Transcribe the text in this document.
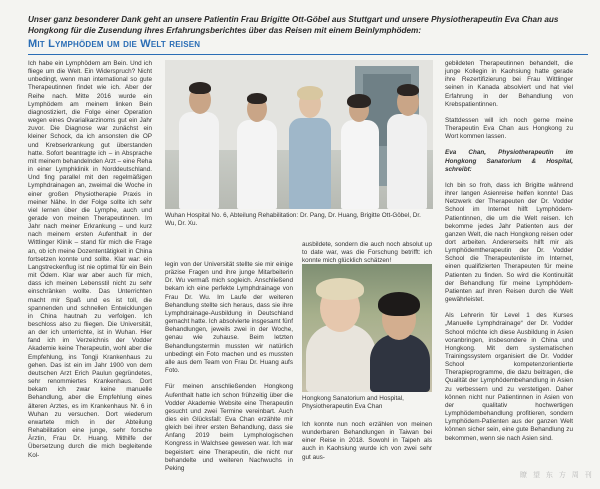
Unser ganz besonderer Dank geht an unsere Patientin Frau Brigitte Ott-Göbel aus Stuttgart und unsere Physiotherapeutin Eva Chan aus Hongkong für die Zusendung ihres Erfahrungsberichtes über das Reisen mit einem Beinlymphödem:
Mit Lymphödem um die Welt reisen

Ich habe ein Lymphödem am Bein. Und ich fliege um die Welt. Ein Widerspruch? Nicht unbedingt, wenn man international so gute Therapeutinnen findet wie ich. Aber der Reihe nach. Mitte 2016 wurde ein Lymphödem am meinem linken Bein diagnostiziert, die Folge einer Operation wegen eines Ovarialkarzinoms gut ein Jahr zuvor. Die Diagnose war zunächst ein kleiner Schock, da ich ansonsten die OP und Krebserkrankung gut überstanden hatte. Sofort beantragte ich – in Absprache mit meinem behandelnden Arzt – eine Reha in einer Lymphklinik in Norddeutschland. Und fing parallel mit den regelmäßigen Lymphdrainagen an, zweimal die Woche in einer großen Physiotherapie Praxis in meiner Nähe. In der Folge sollte ich sehr viel lernen über die Lymphe, auch und gerade von meinen Therapeutinnen. Im Jahr nach meiner Erkrankung – und kurz nach meinem ersten Aufenthalt in der Wittlinger Klinik – stand für mich die Frage an, ob ich meine Dozententätigkeit in China fortsetzen konnte und sollte. Klar war: ein Langstreckenflug ist nie optimal für ein Bein mit Ödem. Klar war aber auch für mich, dass ich meinen Lebensstil nicht zu sehr einschränken wollte. Das Unterrichten macht mir Spaß und es ist toll, die spannenden und schnellen Entwicklungen in China hautnah zu verfolgen. Ich beschloss also zu fliegen. Die Universität, an der ich unterrichte, ist in Wuhan. Hier fand ich im Verzeichnis der Vodder Akademie keine Therapeutin, wohl aber die Empfehlung, ins Tongji Krankenhaus zu gehen. Das ist ein im Jahr 1900 von dem deutschen Arzt Erich Paulun gegründetes, sehr renommiertes Krankenhaus. Dort bekam ich zwar keine manuelle Behandlung, aber die Empfehlung eines älteren Arztes, es im Krankenhaus Nr. 6 in Wuhan zu versuchen. Dort wiederum erwartete mich in der Abteilung Rehabilitation eine junge, sehr forsche Ärztin, Frau Dr. Huang. Mithilfe der Übersetzung durch die mich begleitende Kol-

Wuhan Hospital No. 6, Abteilung Rehabilitation: Dr. Pang, Dr. Huang, Brigitte Ott-Göbel, Dr. Wu, Dr. Xu.

legin von der Universität stellte sie mir einige präzise Fragen und ihre junge Mitarbeiterin Dr. Wu vermaß mich sogleich. Anschließend bekam ich eine perfekte Lymphdrainage von Frau Dr. Wu. Im Laufe der weiteren Behandlung stellte sich heraus, dass sie ihre Lymphdrainage-Ausbildung in Deutschland gemacht hatte. Ich absolvierte insgesamt fünf Behandlungen, jeweils zwei in der Woche, genau wie zuhause. Beim letzten Behandlungstermin mussten wir natürlich unbedingt ein Foto machen und es mussten alle aus dem Team von Frau Dr. Huang aufs Foto.

Für meinen anschließenden Hongkong Aufenthalt hatte ich schon frühzeitig über die Vodder Akademie Website eine Therapeutin gesucht und zwei Termine vereinbart. Auch dies ein Glücksfall: Eva Chan erzählte mir gleich bei ihrer ersten Behandlung, dass sie Anfang 2019 beim Lymphologischen Kongress in Walchsee gewesen war. Ich war begeistert: eine Therapeutin, die nicht nur behandelte und weiteren Nachwuchs in Peking

ausbildete, sondern die auch noch absolut up to date war, was die Forschung betrifft: ich konnte mich glücklich schätzen!

Hongkong Sanatorium and Hospital, Physiotherapeutin Eva Chan

Ich konnte nun noch erzählen von meinen wunderbaren Behandlungen in Taiwan bei einer Reise in 2018. Sowohl in Taipeh als auch in Kaohsiung wurde ich von zwei sehr gut aus-

gebildeten Therapeutinnen behandelt, die junge Kollegin in Kaohsiung hatte gerade ihre Rezertifizierung bei Frau Wittlinger seinen in Kanada absolviert und hat viel Erfahrung in der Behandlung von Krebspatientinnen.

Stattdessen will ich noch gerne meine Therapeutin Eva Chan aus Hongkong zu Wort kommen lassen.

Eva Chan, Physiotherapeutin im Hongkong Sanatorium & Hospital, schreibt:

Ich bin so froh, dass ich Brigitte während ihrer langen Asienreise helfen konnte! Das Netzwerk der Therapeuten der Dr. Vodder School im Internet hilft Lymphödem-Patientinnen, die um die Welt reisen. Ich bekomme jedes Jahr Patienten aus der ganzen Welt, die nach Hongkong reisen oder dort arbeiten. Andererseits hilft mir als Lymphödemtherapeutin der Dr. Vodder School die Therapeutenliste im Internet, einen qualifizierten Therapeuten für meine Patienten zu finden. So wird die Kontinuität der Behandlung für meine Lymphödem-Patienten auf ihren Reisen durch die Welt gewährleistet.

Als Lehrerin für Level 1 des Kurses „Manuelle Lymphdrainage“ der Dr. Vodder School möchte ich diese Ausbildung in Asien voranbringen, insbesondere in China und Hongkong. Mit dem systematischen Trainingssystem organisiert die Dr. Vodder School kompetenzorientierte Therapieprogramme, die dazu beitragen, die Qualität der Lymphödembehandlung in Asien zu verbessern und zu verstetigen. Daher können nicht nur Patientinnen in Asien von der qualitativ hochwertigen Lymphödembehandlung profitieren, sondern Lymphödem-Patienten aus der ganzen Welt können sicher sein, eine gute Behandlung zu bekommen, wenn sie nach Asien sind.

瞭 望 东 方 周 刊
